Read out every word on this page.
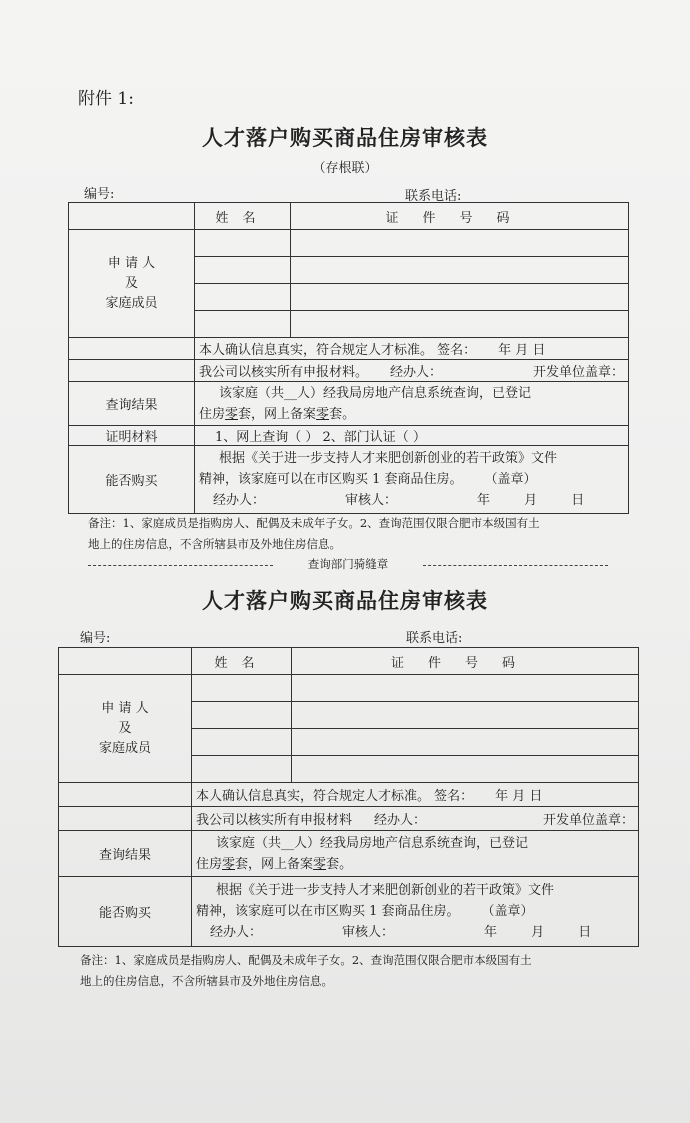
附件 1:
人才落户购买商品住房审核表
（存根联）
编号:	联系电话:
	姓名	证件号码

申 请 人
及
家庭成员		

	本人确认信息真实，符合规定人才标准。 签名： 年 月 日	
	我公司以核实所有申报材料。 经办人： 开发单位盖章：	

查询结果	该家庭（共__人）经我局房地产信息系统查询，已登记
住房零套，网上备案零套。	

证明材料	1、网上查询（ ） 2、部门认证（ ）	
能否购买	根据《关于进一步支持人才来肥创新创业的若干政策》文件
精神，该家庭可以在市区购买 1 套商品住房。 （盖章）
经办人： 审核人： 年 月 日	
备注：1、家庭成员是指购房人、配偶及未成年子女。2、查询范围仅限合肥市本级国有土
地上的住房信息，不含所辖县市及外地住房信息。
查询部门骑缝章
人才落户购买商品住房审核表
编号:	联系电话:
	姓名	证件号码

申 请 人
及
家庭成员		

	本人确认信息真实，符合规定人才标准。 签名： 年 月 日	
	我公司以核实所有申报材料 经办人： 开发单位盖章：	

查询结果	该家庭（共__人）经我局房地产信息系统查询，已登记
住房零套，网上备案零套。	

能否购买	根据《关于进一步支持人才来肥创新创业的若干政策》文件
精神，该家庭可以在市区购买 1 套商品住房。 （盖章）
经办人： 审核人： 年 月 日	
备注：1、家庭成员是指购房人、配偶及未成年子女。2、查询范围仅限合肥市本级国有土
地上的住房信息，不含所辖县市及外地住房信息。
